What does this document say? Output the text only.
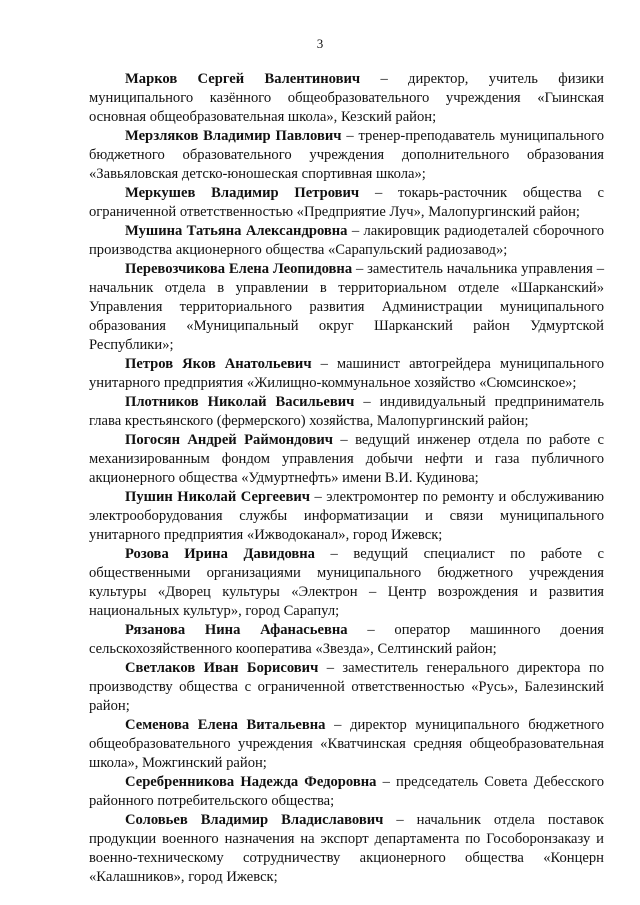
3

Марков Сергей Валентинович – директор, учитель физики муниципального казённого общеобразовательного учреждения «Гыинская основная общеобразовательная школа», Кезский район;

Мерзляков Владимир Павлович – тренер-преподаватель муниципального бюджетного образовательного учреждения дополнительного образования «Завьяловская детско-юношеская спортивная школа»;

Меркушев Владимир Петрович – токарь-расточник общества с ограниченной ответственностью «Предприятие Луч», Малопургинский район;

Мушина Татьяна Александровна – лакировщик радиодеталей сборочного производства акционерного общества «Сарапульский радиозавод»;

Перевозчикова Елена Леопидовна – заместитель начальника управления – начальник отдела в управлении в территориальном отделе «Шарканский» Управления территориального развития Администрации муниципального образования «Муниципальный округ Шарканский район Удмуртской Республики»;

Петров Яков Анатольевич – машинист автогрейдера муниципального унитарного предприятия «Жилищно-коммунальное хозяйство «Сюмсинское»;

Плотников Николай Васильевич – индивидуальный предприниматель глава крестьянского (фермерского) хозяйства, Малопургинский район;

Погосян Андрей Раймондович – ведущий инженер отдела по работе с механизированным фондом управления добычи нефти и газа публичного акционерного общества «Удмуртнефть» имени В.И. Кудинова;

Пушин Николай Сергеевич – электромонтер по ремонту и обслуживанию электрооборудования службы информатизации и связи муниципального унитарного предприятия «Ижводоканал», город Ижевск;

Розова Ирина Давидовна – ведущий специалист по работе с общественными организациями муниципального бюджетного учреждения культуры «Дворец культуры «Электрон – Центр возрождения и развития национальных культур», город Сарапул;

Рязанова Нина Афанасьевна – оператор машинного доения сельскохозяйственного кооператива «Звезда», Селтинский район;

Светлаков Иван Борисович – заместитель генерального директора по производству общества с ограниченной ответственностью «Русь», Балезинский район;

Семенова Елена Витальевна – директор муниципального бюджетного общеобразовательного учреждения «Кватчинская средняя общеобразовательная школа», Можгинский район;

Серебренникова Надежда Федоровна – председатель Совета Дебесского районного потребительского общества;

Соловьев Владимир Владиславович – начальник отдела поставок продукции военного назначения на экспорт департамента по Гособоронзаказу и военно-техническому сотрудничеству акционерного общества «Концерн «Калашников», город Ижевск;
